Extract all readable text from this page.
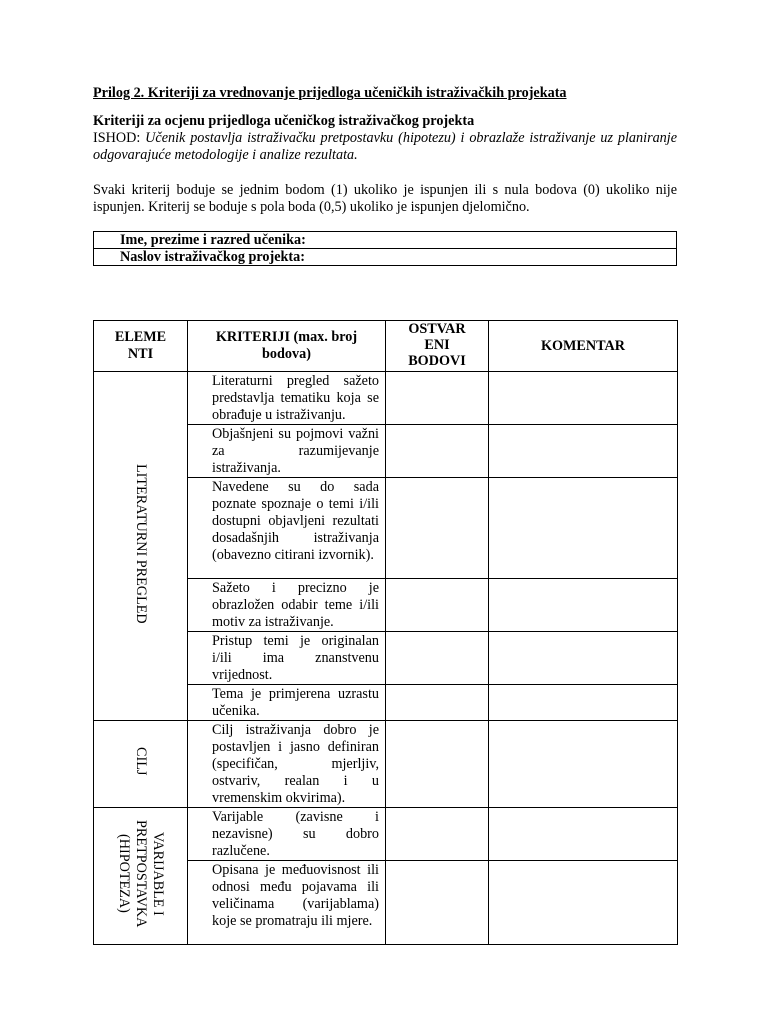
Prilog 2. Kriteriji za vrednovanje prijedloga učeničkih istraživačkih projekata
Kriteriji za ocjenu prijedloga učeničkog istraživačkog projekta
ISHOD: Učenik postavlja istraživačku pretpostavku (hipotezu) i obrazlaže istraživanje uz planiranje odgovarajuće metodologije i analize rezultata.
Svaki kriterij boduje se jednim bodom (1) ukoliko je ispunjen ili s nula bodova (0) ukoliko nije ispunjen. Kriterij se boduje s pola boda (0,5) ukoliko je ispunjen djelomično.
Ime, prezime i razred učenika:
Naslov istraživačkog projekta:
ELEME NTI	KRITERIJI (max. broj bodova)	OSTVAR ENI BODOVI	KOMENTAR
LITERATURNI PREGLED	Literaturni pregled sažeto predstavlja tematiku koja se obrađuje u istraživanju.		
	Objašnjeni su pojmovi važni za razumijevanje istraživanja.		
	Navedene su do sada poznate spoznaje o temi i/ili dostupni objavljeni rezultati dosadašnjih istraživanja (obavezno citirani izvornik).		
	Sažeto i precizno je obrazložen odabir teme i/ili motiv za istraživanje.		
	Pristup temi je originalan i/ili ima znanstvenu vrijednost.		
	Tema je primjerena uzrastu učenika.		
CILJ	Cilj istraživanja dobro je postavljen i jasno definiran (specifičan, mjerljiv, ostvariv, realan i u vremenskim okvirima).		
VARIJABLE I
PRETPOSTAVKA
(HIPOTEZA)	Varijable (zavisne i nezavisne) su dobro razlučene.		
	Opisana je međuovisnost ili odnosi među pojavama ili veličinama (varijablama) koje se promatraju ili mjere.		
